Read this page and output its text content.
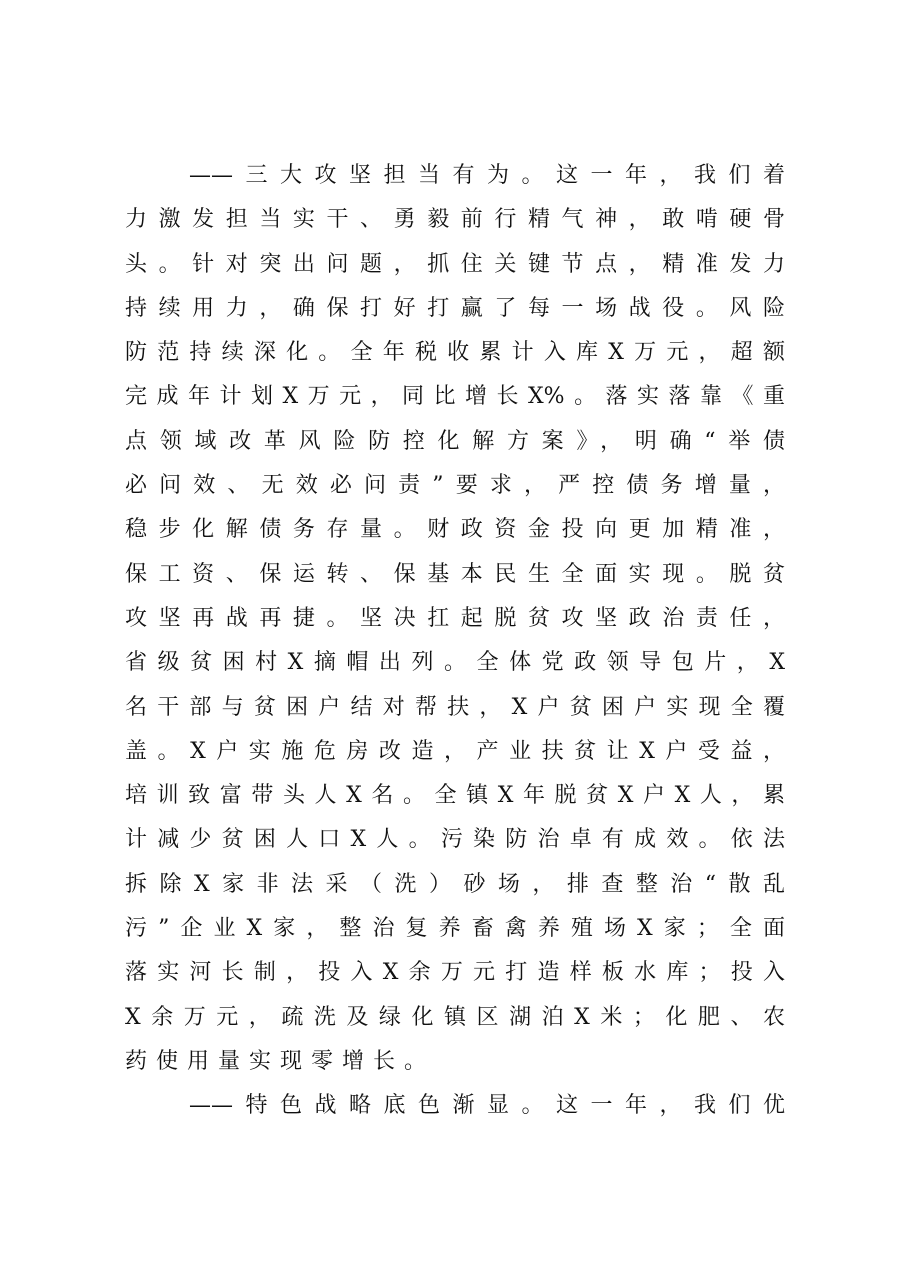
——三大攻坚担当有为。这一年，我们着
力激发担当实干、勇毅前行精气神，敢啃硬骨
头。针对突出问题，抓住关键节点，精准发力
持续用力，确保打好打赢了每一场战役。风险
防范持续深化。全年税收累计入库X万元，超额
完成年计划X万元，同比增长X%。落实落靠《重
点领域改革风险防控化解方案》，明确“举债
必问效、无效必问责”要求，严控债务增量，
稳步化解债务存量。财政资金投向更加精准，
保工资、保运转、保基本民生全面实现。脱贫
攻坚再战再捷。坚决扛起脱贫攻坚政治责任，
省级贫困村X摘帽出列。全体党政领导包片，X
名干部与贫困户结对帮扶，X户贫困户实现全覆
盖。X户实施危房改造，产业扶贫让X户受益，
培训致富带头人X名。全镇X年脱贫X户X人，累
计减少贫困人口X人。污染防治卓有成效。依法
拆除X家非法采（洗）砂场，排查整治“散乱
污”企业X家，整治复养畜禽养殖场X家；全面
落实河长制，投入X余万元打造样板水库；投入
X余万元，疏洗及绿化镇区湖泊X米；化肥、农
药使用量实现零增长。
——特色战略底色渐显。这一年，我们优
